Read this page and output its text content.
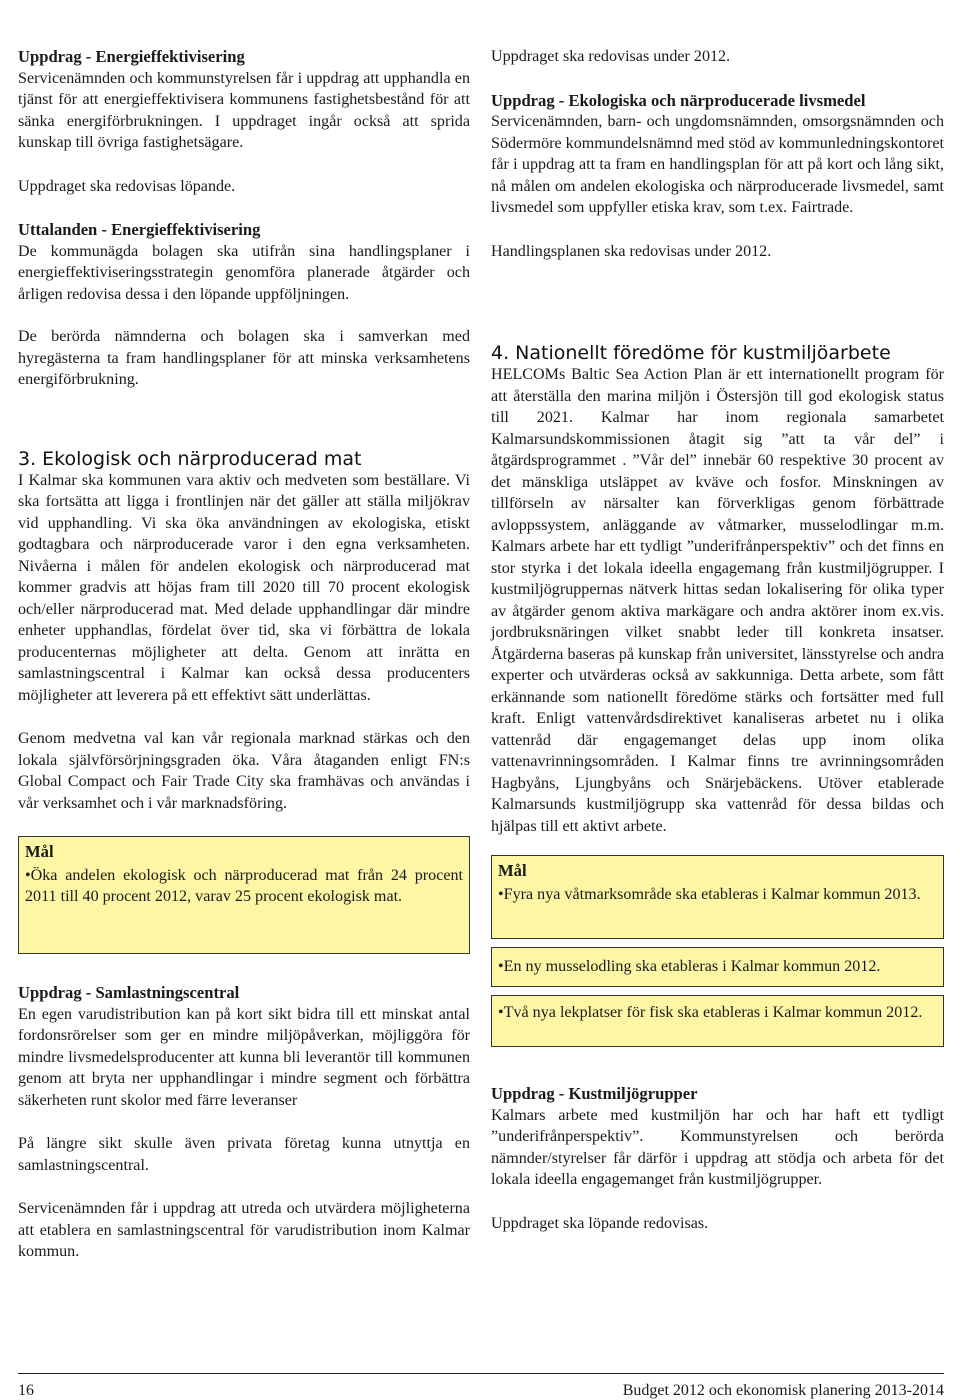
Uppdrag - Energieffektivisering

Servicenämnden och kommunstyrelsen får i uppdrag att upphandla en tjänst för att energieffektivisera kommunens fastighetsbestånd för att sänka energiförbrukningen. I uppdraget ingår också att sprida kunskap till övriga fastighetsägare.

Uppdraget ska redovisas löpande.

Uttalanden - Energieffektivisering

De kommunägda bolagen ska utifrån sina handlingsplaner i energieffektiviseringsstrategin genomföra planerade åtgärder och årligen redovisa dessa i den löpande uppföljningen.

De berörda nämnderna och bolagen ska i samverkan med hyregästerna ta fram handlingsplaner för att minska verksamhetens energiförbrukning.

3. Ekologisk och närproducerad mat

I Kalmar ska kommunen vara aktiv och medveten som beställare. Vi ska fortsätta att ligga i frontlinjen när det gäller att ställa miljökrav vid upphandling. Vi ska öka användningen av ekologiska, etiskt godtagbara och närproducerade varor i den egna verksamheten. Nivåerna i målen för andelen ekologisk och närproducerad mat kommer gradvis att höjas fram till 2020 till 70 procent ekologisk och/eller närproducerad mat. Med delade upphandlingar där mindre enheter upphandlas, fördelat över tid, ska vi förbättra de lokala producenternas möjligheter att delta. Genom att inrätta en samlastningscentral i Kalmar kan också dessa producenters möjligheter att leverera på ett effektivt sätt underlättas.

Genom medvetna val kan vår regionala marknad stärkas och den lokala självförsörjningsgraden öka. Våra åtaganden enligt FN:s Global Compact och Fair Trade City ska framhävas och användas i vår verksamhet och i vår marknadsföring.

Mål

•Öka andelen ekologisk och närproducerad mat från 24 procent 2011 till 40 procent 2012, varav 25 procent ekologisk mat.

Uppdrag - Samlastningscentral

En egen varudistribution kan på kort sikt bidra till ett minskat antal fordonsrörelser som ger en mindre miljöpåverkan, möjliggöra för mindre livsmedelsproducenter att kunna bli leverantör till kommunen genom att bryta ner upphandlingar i mindre segment och förbättra säkerheten runt skolor med färre leveranser

På längre sikt skulle även privata företag kunna utnyttja en samlastningscentral.

Servicenämnden får i uppdrag att utreda och utvärdera möjligheterna att etablera en samlastningscentral för varudistribution inom Kalmar kommun.

Uppdraget ska redovisas under 2012.

Uppdrag - Ekologiska och närproducerade livsmedel

Servicenämnden, barn- och ungdomsnämnden, omsorgsnämnden och Södermöre kommundelsnämnd med stöd av kommunledningskontoret får i uppdrag att ta fram en handlingsplan för att på kort och lång sikt, nå målen om andelen ekologiska och närproducerade livsmedel, samt livsmedel som uppfyller etiska krav, som t.ex. Fairtrade.

Handlingsplanen ska redovisas under 2012.

4. Nationellt föredöme för kustmiljöarbete

HELCOMs Baltic Sea Action Plan är ett internationellt program för att återställa den marina miljön i Östersjön till god ekologisk status till 2021. Kalmar har inom regionala samarbetet Kalmarsundskommissionen åtagit sig ”att ta vår del” i åtgärdsprogrammet . ”Vår del” innebär 60 respektive 30 procent av det mänskliga utsläppet av kväve och fosfor. Minskningen av tillförseln av närsalter kan förverkligas genom förbättrade avloppssystem, anläggande av våtmarker, musselodlingar m.m. Kalmars arbete har ett tydligt ”underifrånperspektiv” och det finns en stor styrka i det lokala ideella engagemang från kustmiljögrupper. I kustmiljögruppernas nätverk hittas sedan lokalisering för olika typer av åtgärder genom aktiva markägare och andra aktörer inom ex.vis. jordbruksnäringen vilket snabbt leder till konkreta insatser. Åtgärderna baseras på kunskap från universitet, länsstyrelse och andra experter och utvärderas också av sakkunniga. Detta arbete, som fått erkännande som nationellt föredöme stärks och fortsätter med full kraft. Enligt vattenvårdsdirektivet kanaliseras arbetet nu i olika vattenråd där engagemanget delas upp inom olika vattenavrinningsområden. I Kalmar finns tre avrinningsområden Hagbyåns, Ljungbyåns och Snärjebäckens. Utöver etablerade Kalmarsunds kustmiljögrupp ska vattenråd för dessa bildas och hjälpas till ett aktivt arbete.

Mål

•Fyra nya våtmarksområde ska etableras i Kalmar kommun 2013.

•En ny musselodling ska etableras i Kalmar kommun 2012.

•Två nya lekplatser för fisk ska etableras i Kalmar kommun 2012.

Uppdrag - Kustmiljögrupper

Kalmars arbete med kustmiljön har och har haft ett tydligt ”underifrånperspektiv”. Kommunstyrelsen och berörda nämnder/styrelser får därför i uppdrag att stödja och arbeta för det lokala ideella engagemanget från kustmiljögrupper.

Uppdraget ska löpande redovisas.

16	Budget 2012 och ekonomisk planering 2013-2014
